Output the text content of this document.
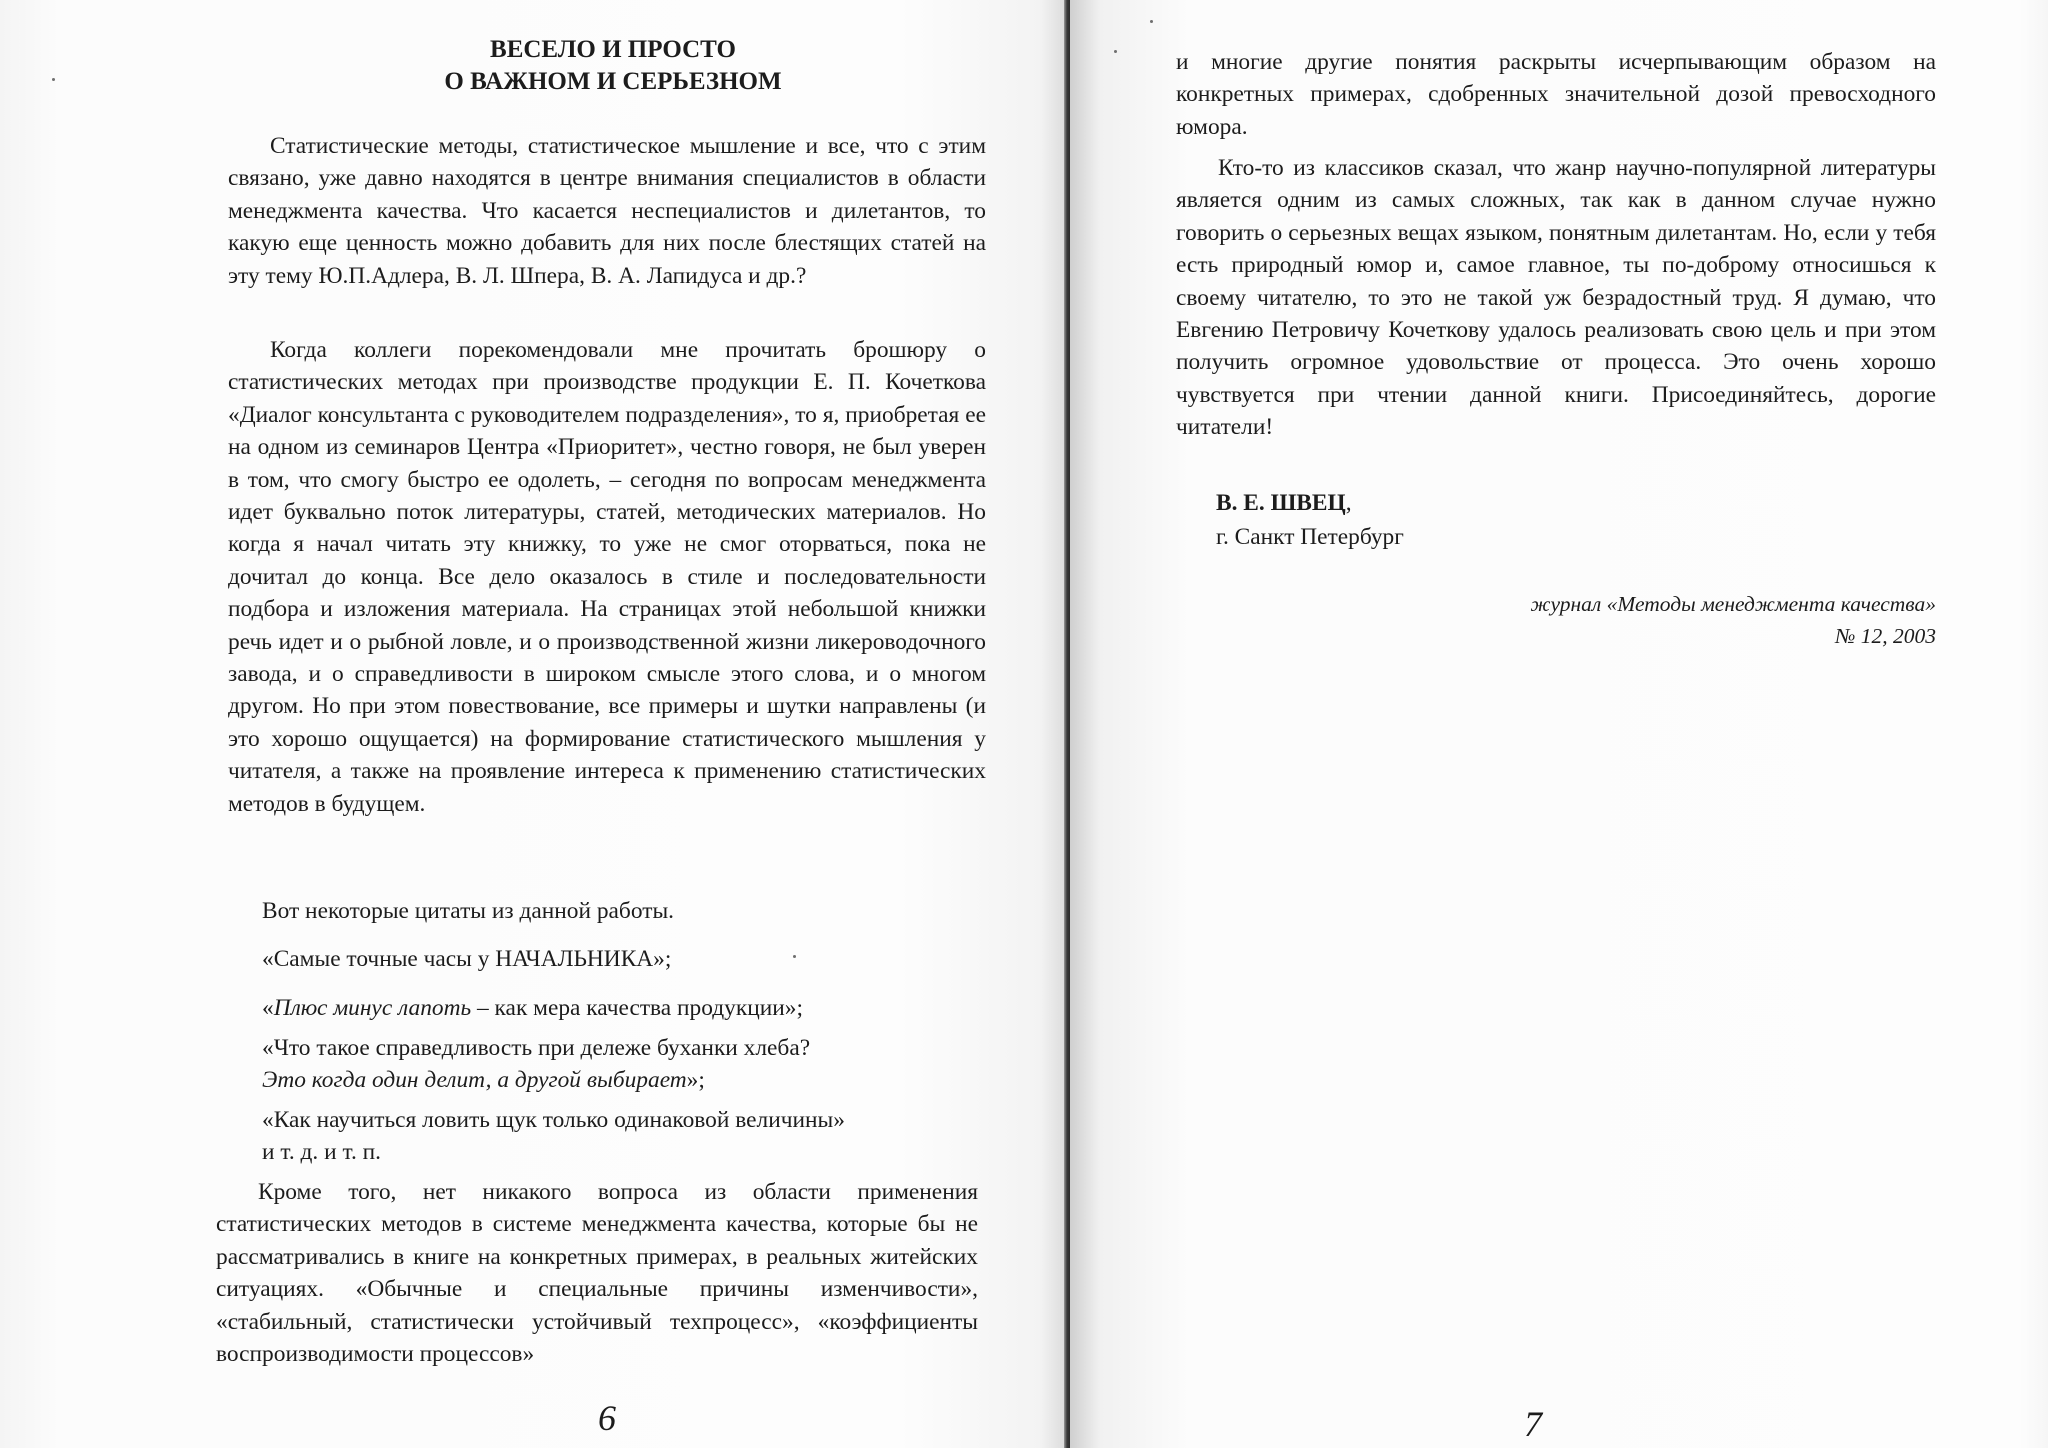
ВЕСЕЛО И ПРОСТО
О ВАЖНОМ И СЕРЬЕЗНОМ

Статистические методы, статистическое мышление и все, что с этим связано, уже давно находятся в центре внимания специалистов в области менеджмента качества. Что касается неспециалистов и дилетантов, то какую еще ценность можно добавить для них после блестящих статей на эту тему Ю.П.Адлера, В. Л. Шпера, В. А. Лапидуса и др.?

Когда коллеги порекомендовали мне прочитать брошюру о статистических методах при производстве продукции Е. П. Кочеткова «Диалог консультанта с руководителем подразделения», то я, приобретая ее на одном из семинаров Центра «Приоритет», честно говоря, не был уверен в том, что смогу быстро ее одолеть, – сегодня по вопросам менеджмента идет буквально поток литературы, статей, методических материалов. Но когда я начал читать эту книжку, то уже не смог оторваться, пока не дочитал до конца. Все дело оказалось в стиле и последовательности подбора и изложения материала. На страницах этой небольшой книжки речь идет и о рыбной ловле, и о производственной жизни ликероводочного завода, и о справедливости в широком смысле этого слова, и о многом другом. Но при этом повествование, все примеры и шутки направлены (и это хорошо ощущается) на формирование статистического мышления у читателя, а также на проявление интереса к применению статистических методов в будущем.

Вот некоторые цитаты из данной работы.

«Самые точные часы у НАЧАЛЬНИКА»;

«Плюс минус лапоть – как мера качества продукции»;

«Что такое справедливость при дележе буханки хлеба?

Это когда один делит, а другой выбирает»;

«Как научиться ловить щук только одинаковой величины»

и т. д. и т. п.

Кроме того, нет никакого вопроса из области применения статистических методов в системе менеджмента качества, которые бы не рассматривались в книге на конкретных примерах, в реальных житейских ситуациях. «Обычные и специальные причины изменчивости», «стабильный, статистически устойчивый техпроцесс», «коэффициенты воспроизводимости процессов»

6

и многие другие понятия раскрыты исчерпывающим образом на конкретных примерах, сдобренных значительной дозой превосходного юмора.

Кто-то из классиков сказал, что жанр научно-популярной литературы является одним из самых сложных, так как в данном случае нужно говорить о серьезных вещах языком, понятным дилетантам. Но, если у тебя есть природный юмор и, самое главное, ты по-доброму относишься к своему читателю, то это не такой уж безрадостный труд. Я думаю, что Евгению Петровичу Кочеткову удалось реализовать свою цель и при этом получить огромное удовольствие от процесса. Это очень хорошо чувствуется при чтении данной книги. Присоединяйтесь, дорогие читатели!

В. Е. ШВЕЦ,
г. Санкт Петербург
журнал «Методы менеджмента качества»
№ 12, 2003
7
